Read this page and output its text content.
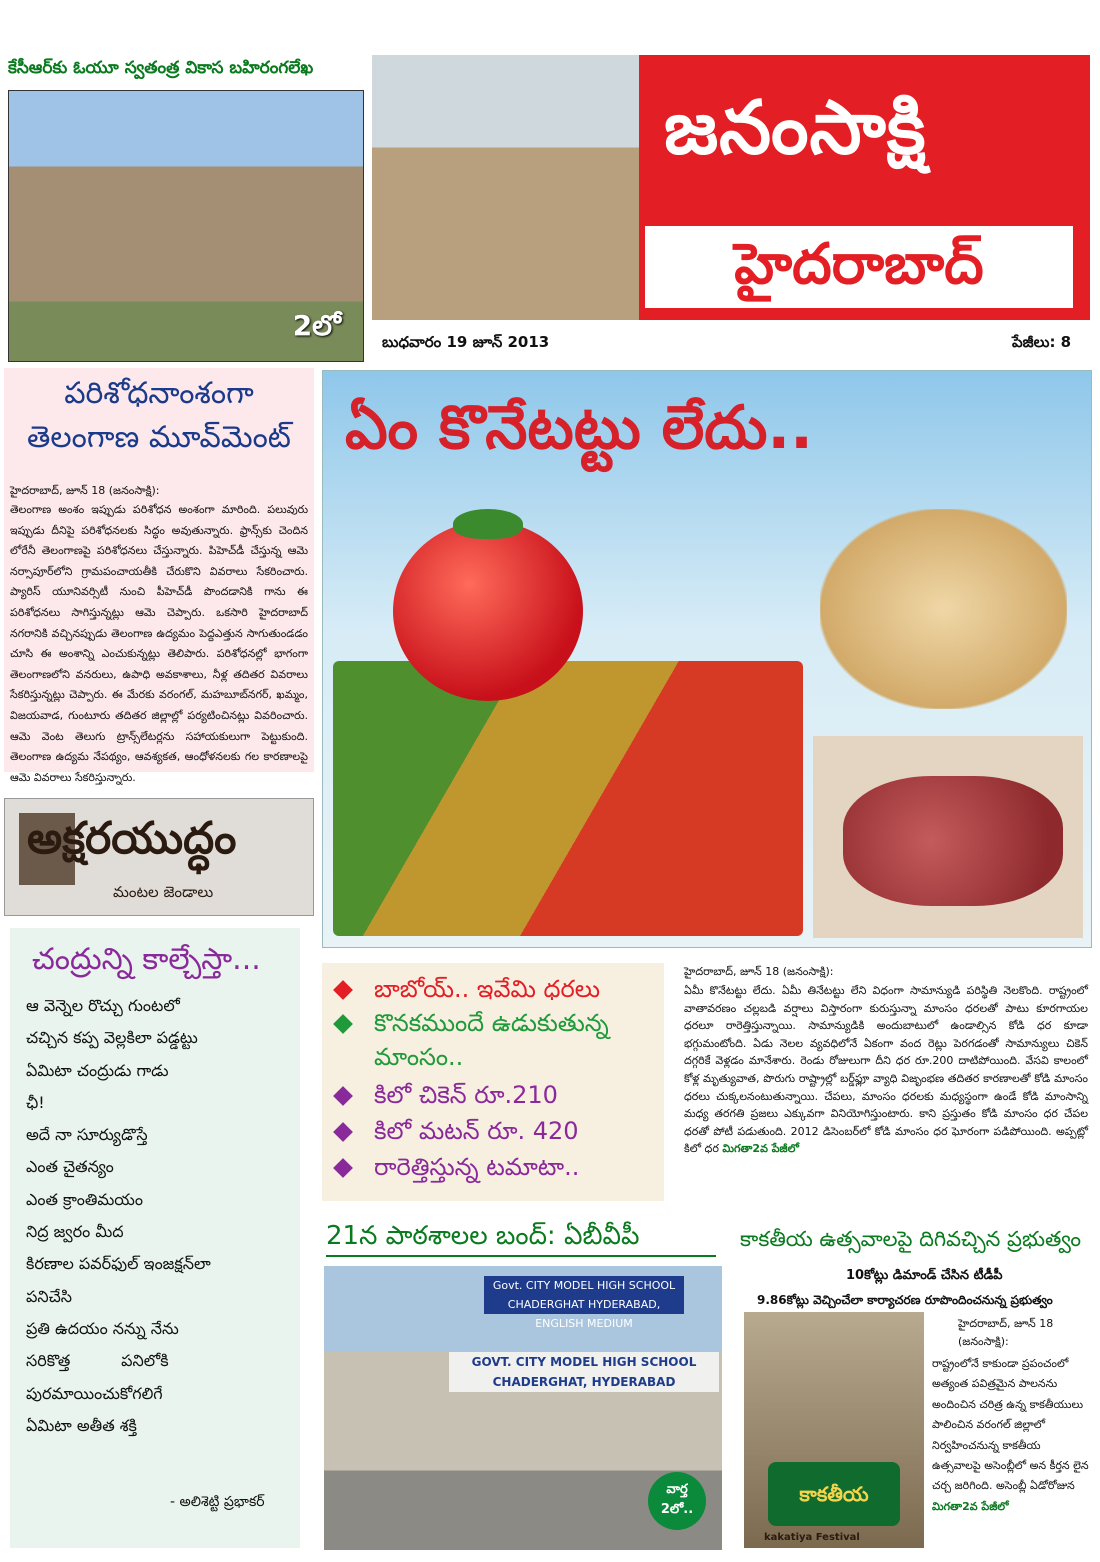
కేసీఆర్‌కు ఓయూ స్వతంత్ర వికాస బహిరంగలేఖ
2లో
జనంసాక్షి
హైదరాబాద్
బుధవారం 19 జూన్ 2013	పేజీలు: 8
పరిశోధనాంశంగా
తెలంగాణ మూవ్‌మెంట్
హైదరాబాద్, జూన్ 18 (జనంసాక్షి):
తెలంగాణ అంశం ఇప్పుడు పరిశోధన అంశంగా మారింది. పలువురు ఇప్పుడు దీనిపై పరిశోధనలకు సిద్ధం అవుతున్నారు. ఫ్రాన్స్‌కు చెందిన లోరేనీ తెలంగాణపై పరిశోధనలు చేస్తున్నారు. పిహెచ్‌డీ చేస్తున్న ఆమె నర్సాపూర్‌లోని గ్రామపంచాయతీకి చేరుకొని వివరాలు సేకరించారు. ప్యారిస్ యూనివర్సిటీ నుంచి పీహెచ్‌డీ పొందడానికి గాను ఈ పరిశోధనలు సాగిస్తున్నట్లు ఆమె చెప్పారు. ఒకసారి హైదరాబాద్ నగరానికి వచ్చినప్పుడు తెలంగాణ ఉద్యమం పెద్దఎత్తున సాగుతుండడం చూసి ఈ అంశాన్ని ఎంచుకున్నట్లు తెలిపారు. పరిశోధనల్లో భాగంగా తెలంగాణలోని వనరులు, ఉపాధి అవకాశాలు, నీళ్ల తదితర వివరాలు సేకరిస్తున్నట్లు చెప్పారు. ఈ మేరకు వరంగల్, మహబూబ్‌నగర్, ఖమ్మం, విజయవాడ, గుంటూరు తదితర జిల్లాల్లో పర్యటించినట్లు వివరించారు. ఆమె వెంట తెలుగు ట్రాన్స్‌లేటర్లను సహాయకులుగా పెట్టుకుంది. తెలంగాణ ఉద్యమ నేపథ్యం, ఆవశ్యకత, ఆంధోళనలకు గల కారణాలపై ఆమె వివరాలు సేకరిస్తున్నారు.
అక్షరయుద్ధం
మంటల జెండాలు
చంద్రున్ని కాల్చేస్తా...
ఆ వెన్నెల రొచ్చు గుంటలో
చచ్చిన కప్ప వెల్లకిలా పడ్డట్టు
ఏమిటా చంద్రుడు గాడు
ఛీ!
అదే నా సూర్యుడొస్తే
ఎంత చైతన్యం
ఎంత క్రాంతిమయం
నిద్ర జ్వరం మీద
కిరణాల పవర్‌ఫుల్ ఇంజక్షన్‌లా
పనిచేసి
ప్రతి ఉదయం నన్ను నేను
సరికొత్త          పనిలోకి
పురమాయించుకోగలిగే
ఏమిటా అతీత శక్తి
- అలిశెట్టి ప్రభాకర్
ఏం కొనేటట్టు లేదు..
బాబోయ్.. ఇవేమి ధరలు
కొనకముందే ఉడుకుతున్న
మాంసం..
కిలో చికెన్ రూ.210
కిలో మటన్ రూ. 420
రారెత్తిస్తున్న టమాటా..
హైదరాబాద్, జూన్ 18 (జనంసాక్షి):
ఏమీ కొనేటట్టు లేదు. ఏమీ తినేటట్టు లేని విధంగా సామాన్యుడి పరిస్థితి నెలకొంది. రాష్ట్రంలో వాతావరణం చల్లబడి వర్షాలు విస్తారంగా కురుస్తున్నా మాంసం ధరలతో పాటు కూరగాయల ధరలూ రారెత్తిస్తున్నాయి. సామాన్యుడికి అందుబాటులో ఉండాల్సిన కోడి ధర కూడా భగ్గుమంటోంది. ఏడు నెలల వ్యవధిలోనే ఏకంగా వంద రెట్లు పెరగడంతో సామాన్యులు చికెన్ దగ్గరికే వెళ్లడం మానేశారు. రెండు రోజులుగా దీని ధర రూ.200 దాటిపోయింది. వేసవి కాలంలో కోళ్ల మృత్యువాత, పొరుగు రాష్ట్రాల్లో బర్డ్‌ఫ్లూ వ్యాధి విజృంభణ తదితర కారణాలతో కోడి మాంసం ధరలు చుక్కలనంటుతున్నాయి. చేపలు, మాంసం ధరలకు మధ్యస్థంగా ఉండే కోడి మాంసాన్ని మధ్య తరగతి ప్రజలు ఎక్కువగా వినియోగిస్తుంటారు. కాని ప్రస్తుతం కోడి మాంసం ధర చేపల ధరతో పోటీ పడుతుంది. 2012 డిసెంబర్‌లో కోడి మాంసం ధర ఘోరంగా పడిపోయింది. అప్పట్లో కిలో ధర మిగతా2వ పేజీలో
21న పాఠశాలల బంద్: ఏబీవీపీ
Govt. CITY MODEL HIGH SCHOOL
CHADERGHAT HYDERABAD, ENGLISH MEDIUM
GOVT. CITY MODEL HIGH SCHOOL
CHADERGHAT, HYDERABAD
వార్త
2లో..
కాకతీయ ఉత్సవాలపై దిగివచ్చిన ప్రభుత్వం
10కోట్లు డిమాండ్ చేసిన టీడీపీ
9.86కోట్లు వెచ్చించేలా కార్యాచరణ రూపొందించనున్న ప్రభుత్వం
కాకతీయ
kakatiya Festival
హైదరాబాద్, జూన్ 18 (జనంసాక్షి):
రాష్ట్రంలోనే కాకుండా ప్రపంచంలో అత్యంత పవిత్రమైన పాలనను అందించిన చరిత్ర ఉన్న కాకతీయులు పాలించిన వరంగల్ జిల్లాలో నిర్వహించనున్న కాకతీయ ఉత్సవాలపై అసెంబ్లీలో అన కీర్తన లైన చర్చ జరిగింది. అసెంబ్లీ ఏడోరోజున మిగతా2వ పేజీలో
